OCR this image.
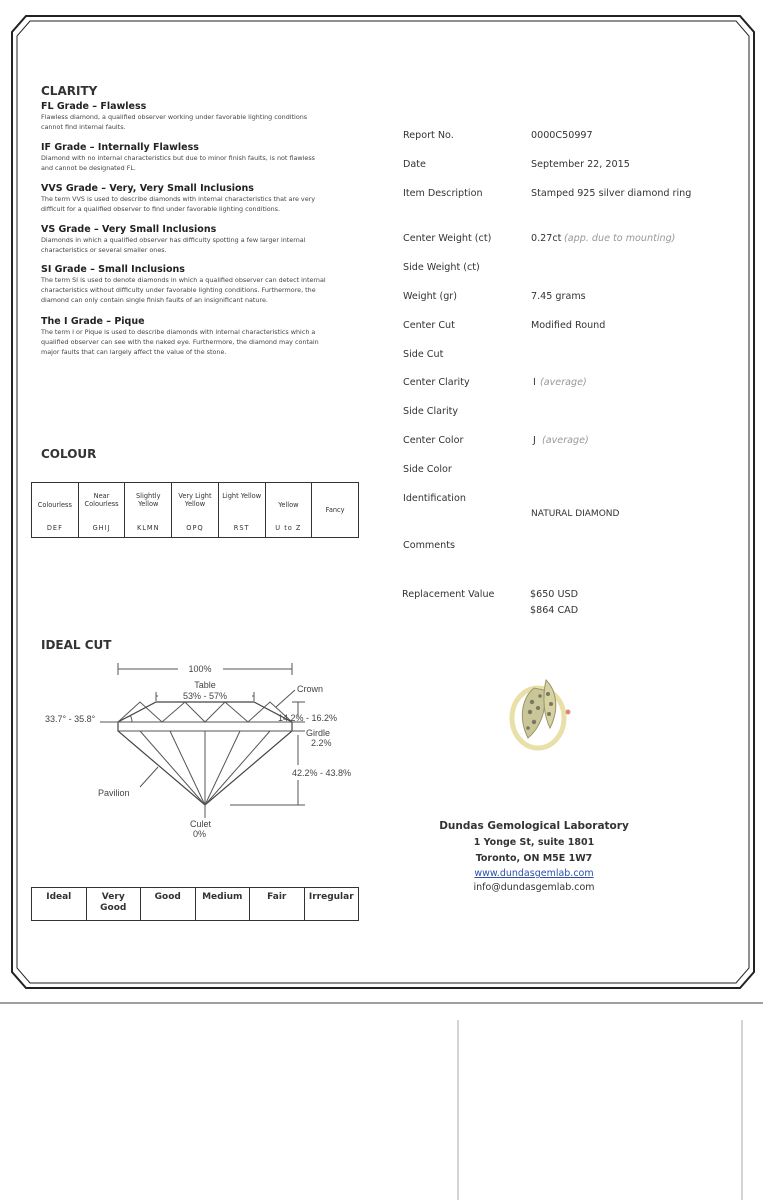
CLARITY
FL Grade – Flawless
Flawless diamond, a qualified observer working under favorable lighting conditions
cannot find internal faults.
IF Grade – Internally Flawless
Diamond with no internal characteristics but due to minor finish faults, is not flawless
and cannot be designated FL.
VVS Grade – Very, Very Small Inclusions
The term VVS is used to describe diamonds with internal characteristics that are very
difficult for a qualified observer to find under favorable lighting conditions.
VS Grade – Very Small Inclusions
Diamonds in which a qualified observer has difficulty spotting a few larger internal
characteristics or several smaller ones.
SI Grade – Small Inclusions
The term SI is used to denote diamonds in which a qualified observer can detect internal
characteristics without difficulty under favorable lighting conditions. Furthermore, the
diamond can only contain single finish faults of an insignificant nature.
The I Grade – Pique
The term I or Pique is used to describe diamonds with internal characteristics which a
qualified observer can see with the naked eye. Furthermore, the diamond may contain
major faults that can largely affect the value of the stone.
COLOUR
Colourless
DEF

Near Colourless
GHIJ

Slightly Yellow
KLMN

Very Light Yellow
OPQ

Light Yellow
RST

Yellow
U to Z
	Fancy
IDEAL CUT
100%
Table
53% - 57%
Crown
33.7° - 35.8°	14.2% - 16.2%
Girdle
2.2%
42.2% - 43.8%
Pavilion
Culet
0%
Ideal	Very Good	Good	Medium	Fair	Irregular
Report No.	0000C50997
Date	September 22, 2015
Item Description	Stamped 925 silver diamond ring
Center Weight (ct)	0.27ct (app. due to mounting)
Side Weight (ct)
Weight (gr)	7.45 grams
Center Cut	Modified Round
Side Cut
Center Clarity	I (average)
Side Clarity
Center Color	J (average)
Side Color
Identification
NATURAL DIAMOND
Comments
Replacement Value	$650 USD
$864 CAD
Dundas Gemological Laboratory
1 Yonge St, suite 1801
Toronto, ON M5E 1W7
www.dundasgemlab.com
info@dundasgemlab.com
